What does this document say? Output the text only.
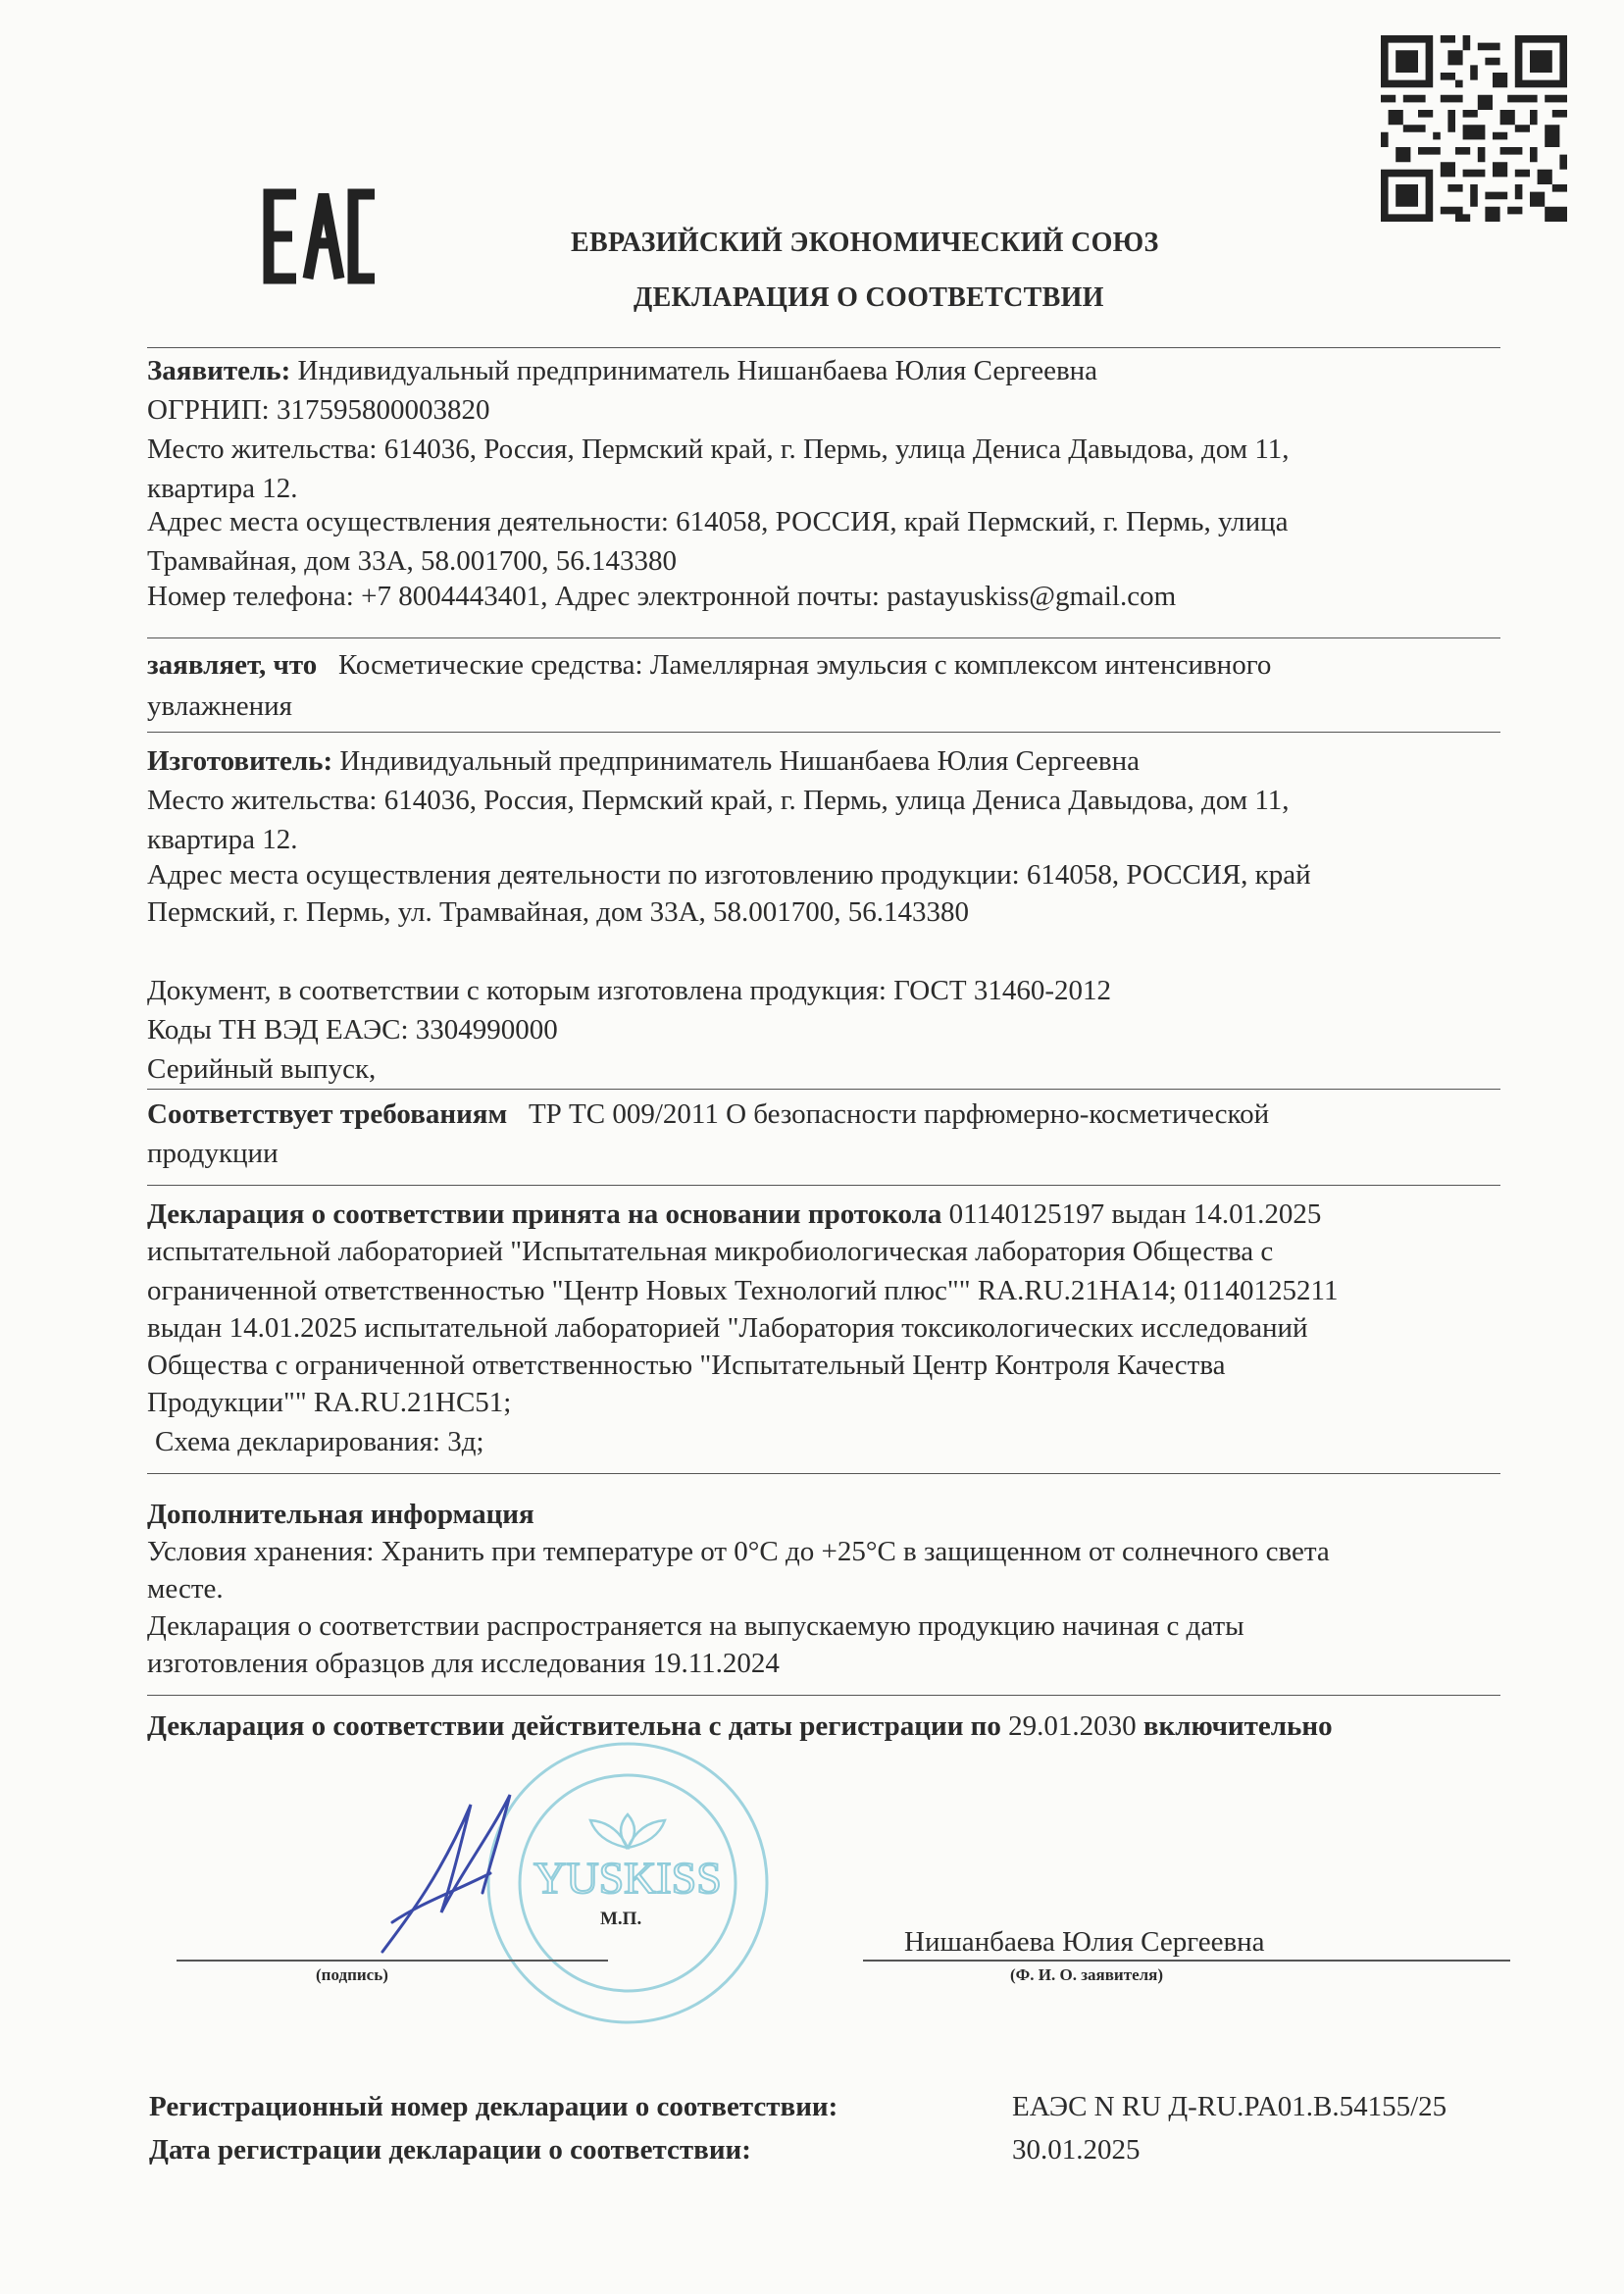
ЕВРАЗИЙСКИЙ ЭКОНОМИЧЕСКИЙ СОЮЗ
ДЕКЛАРАЦИЯ О СООТВЕТСТВИИ
Заявитель: Индивидуальный предприниматель Нишанбаева Юлия Сергеевна
ОГРНИП: 317595800003820
Место жительства: 614036, Россия, Пермский край, г. Пермь, улица Дениса Давыдова, дом 11,
квартира 12.
Адрес места осуществления деятельности: 614058, РОССИЯ, край Пермский, г. Пермь, улица
Трамвайная, дом 33А, 58.001700, 56.143380
Номер телефона: +7 8004443401, Адрес электронной почты: pastayuskiss@gmail.com
заявляет, что Косметические средства: Ламеллярная эмульсия с комплексом интенсивного
увлажнения
Изготовитель: Индивидуальный предприниматель Нишанбаева Юлия Сергеевна
Место жительства: 614036, Россия, Пермский край, г. Пермь, улица Дениса Давыдова, дом 11,
квартира 12.
Адрес места осуществления деятельности по изготовлению продукции: 614058, РОССИЯ, край
Пермский, г. Пермь, ул. Трамвайная, дом 33А, 58.001700, 56.143380
Документ, в соответствии с которым изготовлена продукция: ГОСТ 31460-2012
Коды ТН ВЭД ЕАЭС: 3304990000
Серийный выпуск,
Соответствует требованиям ТР ТС 009/2011 О безопасности парфюмерно-косметической
продукции
Декларация о соответствии принята на основании протокола 01140125197 выдан 14.01.2025
испытательной лабораторией "Испытательная микробиологическая лаборатория Общества с
ограниченной ответственностью "Центр Новых Технологий плюс"" RA.RU.21НА14; 01140125211
выдан 14.01.2025 испытательной лабораторией "Лаборатория токсикологических исследований
Общества с ограниченной ответственностью "Испытательный Центр Контроля Качества
Продукции"" RA.RU.21НС51;
Схема декларирования: 3д;
Дополнительная информация
Условия хранения: Хранить при температуре от 0°С до +25°С в защищенном от солнечного света
месте.
Декларация о соответствии распространяется на выпускаемую продукцию начиная с даты
изготовления образцов для исследования 19.11.2024
Декларация о соответствии действительна с даты регистрации по 29.01.2030 включительно
YUSKISS
М.П.
(подпись)
Нишанбаева Юлия Сергеевна
(Ф. И. О. заявителя)
Регистрационный номер декларации о соответствии:	ЕАЭС N RU Д-RU.PA01.B.54155/25
Дата регистрации декларации о соответствии:	30.01.2025
